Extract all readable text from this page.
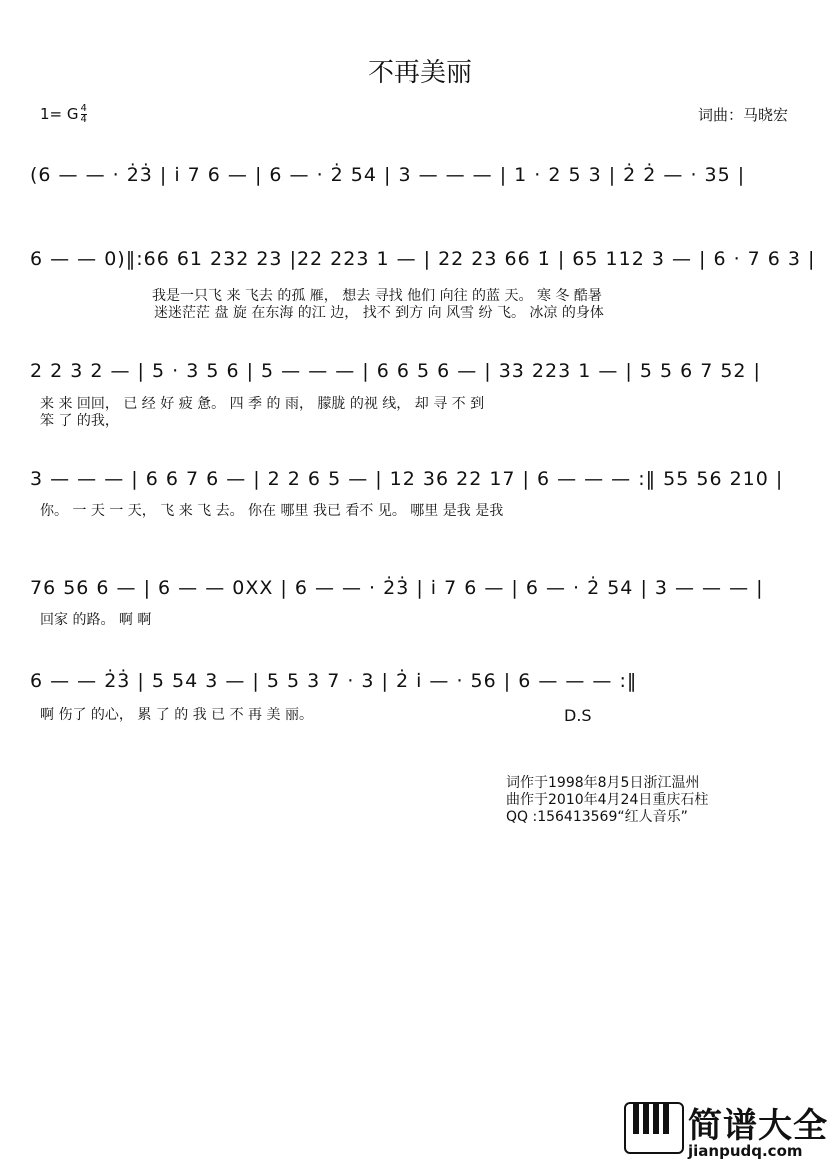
不再美丽
1= G $\frac{4}{4}$	词曲：马晓宏
(6 — — · 2̇3̇ | i̇ 7 6 — | 6 — · 2̇ 54 | 3 — — — | 1 · 2 5 3 | 2̇ 2̇ — · 35 |
6 — — 0)‖:66 61 232 23 |22 223 1 — | 22 23 66 1̇ | 65 112 3 — | 6 · 7 6 3 |
我是一只飞 来 飞去 的孤 雁， 想去 寻找 他们 向往 的蓝 天。 寒 冬 酷暑
迷迷茫茫 盘 旋 在东海 的江 边， 找不 到方 向 风雪 纷 飞。 冰凉 的身体
2 2 3 2 — | 5 · 3 5 6 | 5 — — — | 6 6 5 6 — | 33 223 1 — | 5 5 6 7 52 |
来 来 回回， 已 经 好 疲 惫。 四 季 的 雨， 朦胧 的视 线， 却 寻 不 到
笨 了 的我，
3 — — — | 6 6 7 6 — | 2 2 6 5 — | 12 36 22 17 | 6 — — — :‖ 55 56 210 |
你。 一 天 一 天， 飞 来 飞 去。 你在 哪里 我已 看不 见。 哪里 是我 是我
76 56 6 — | 6 — — 0XX | 6 — — · 2̇3̇ | i̇ 7 6 — | 6 — · 2̇ 54 | 3 — — — |
回家 的路。 啊 啊
6 — — 2̇3̇ | 5 54 3 — | 5 5 3 7 · 3 | 2̇ i̇ — · 56 | 6 — — — :‖
啊 伤了 的心， 累 了 的 我 已 不 再 美 丽。	D.S
词作于1998年8月5日浙江温州
曲作于2010年4月24日重庆石柱
QQ :156413569“红人音乐”
简谱大全
jianpudq.com
